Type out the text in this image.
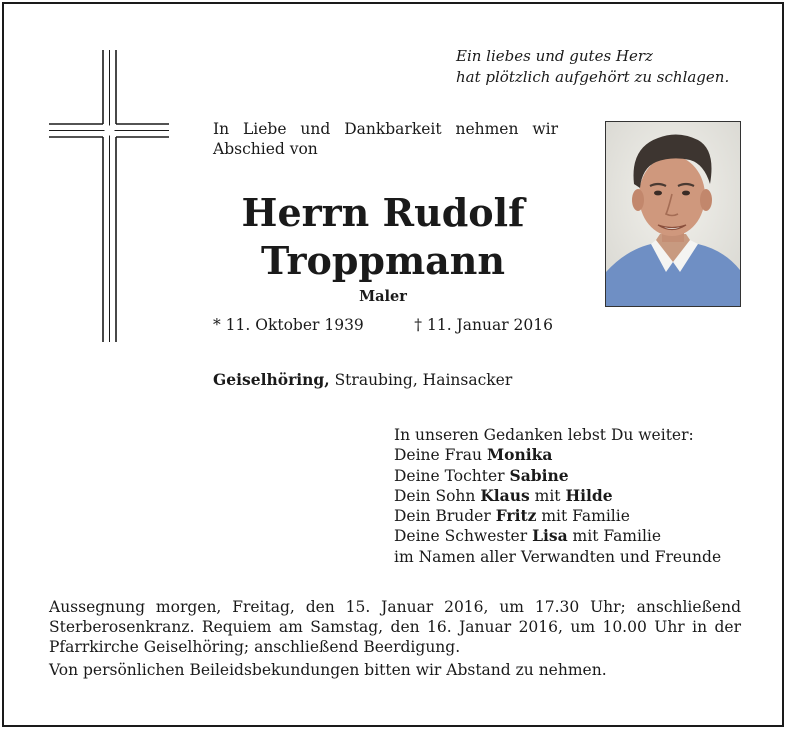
Ein liebes und gutes Herz
hat plötzlich aufgehört zu schlagen.
In Liebe und Dankbarkeit nehmen wir Abschied von
Herrn Rudolf
Troppmann
Maler
* 11. Oktober 1939	† 11. Januar 2016
Geiselhöring, Straubing, Hainsacker
In unseren Gedanken lebst Du weiter:
Deine Frau Monika
Deine Tochter Sabine
Dein Sohn Klaus mit Hilde
Dein Bruder Fritz mit Familie
Deine Schwester Lisa mit Familie
im Namen aller Verwandten und Freunde

Aussegnung morgen, Freitag, den 15. Januar 2016, um 17.30 Uhr; anschließend Sterberosenkranz. Requiem am Samstag, den 16. Januar 2016, um 10.00 Uhr in der Pfarrkirche Geiselhöring; anschließend Beerdigung.

Von persönlichen Beileidsbekundungen bitten wir Abstand zu nehmen.
